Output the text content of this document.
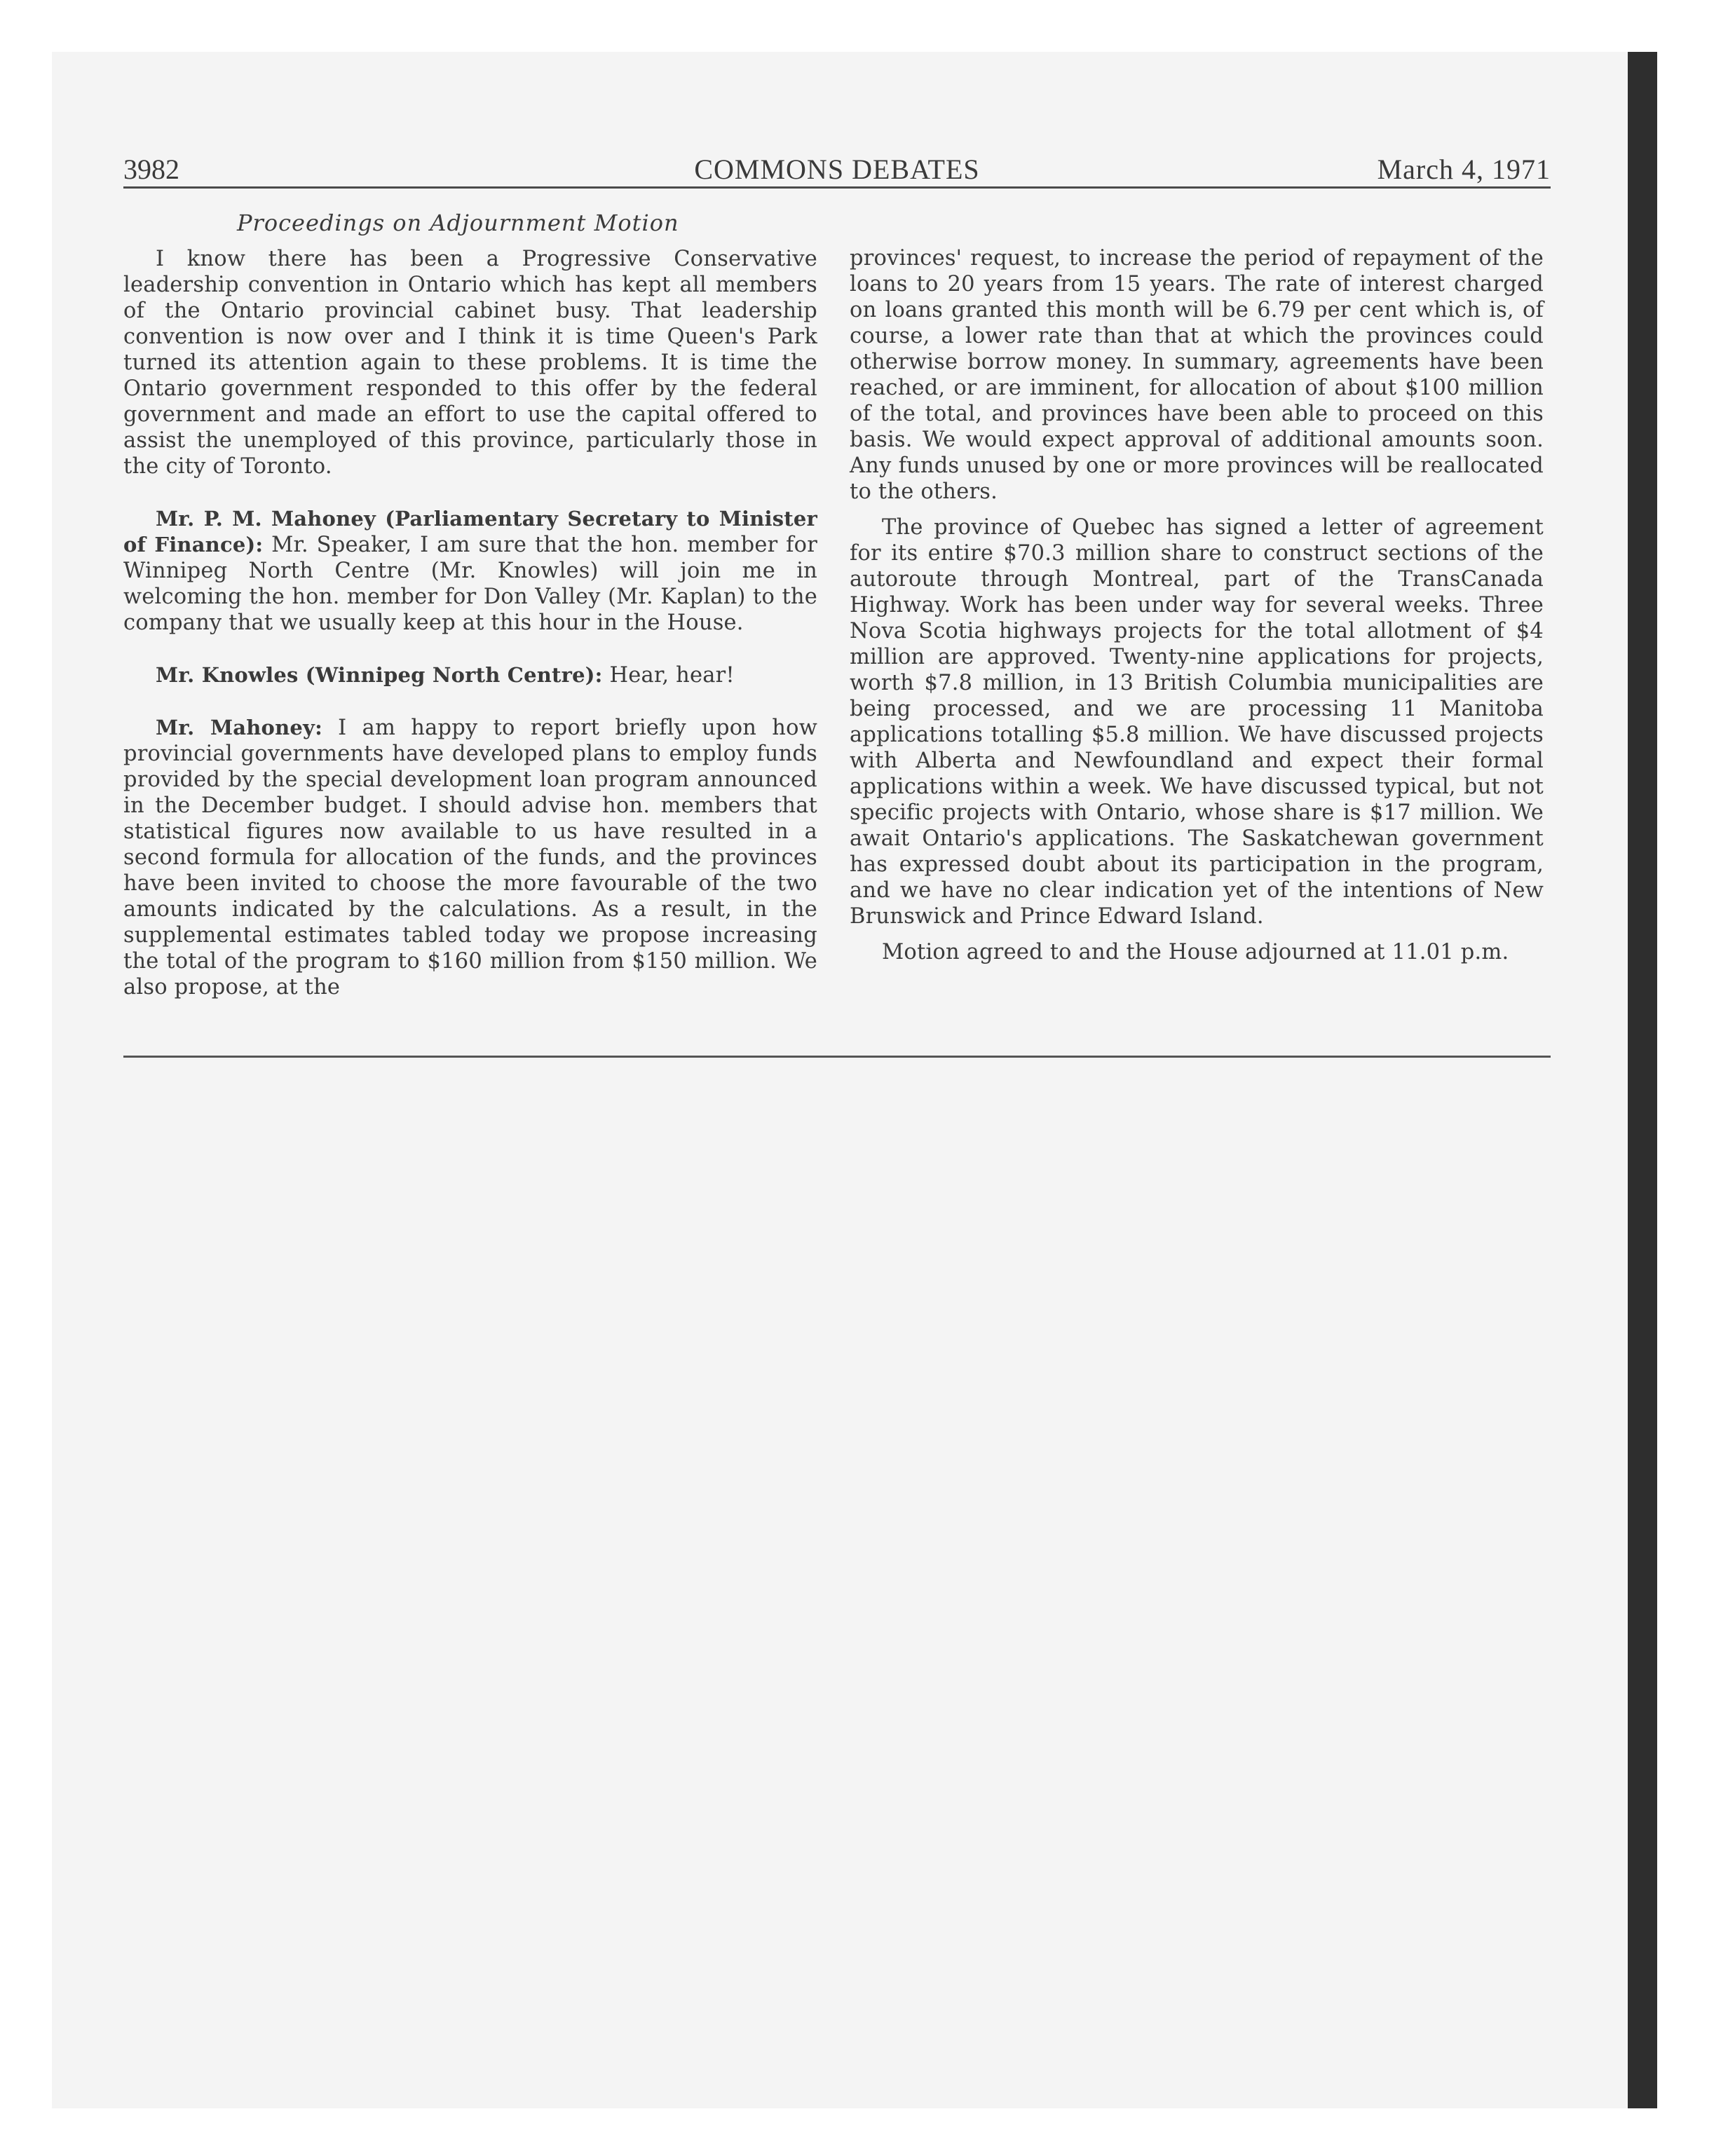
3982	COMMONS DEBATES	March 4, 1971
Proceedings on Adjournment Motion

I know there has been a Progressive Conservative leadership convention in Ontario which has kept all members of the Ontario provincial cabinet busy. That leadership convention is now over and I think it is time Queen's Park turned its attention again to these problems. It is time the Ontario government responded to this offer by the federal government and made an effort to use the capital offered to assist the unemployed of this province, particularly those in the city of Toronto.

Mr. P. M. Mahoney (Parliamentary Secretary to Minister of Finance): Mr. Speaker, I am sure that the hon. member for Winnipeg North Centre (Mr. Knowles) will join me in welcoming the hon. member for Don Valley (Mr. Kaplan) to the company that we usually keep at this hour in the House.

Mr. Knowles (Winnipeg North Centre): Hear, hear!

Mr. Mahoney: I am happy to report briefly upon how provincial governments have developed plans to employ funds provided by the special development loan program announced in the December budget. I should advise hon. members that statistical figures now available to us have resulted in a second formula for allocation of the funds, and the provinces have been invited to choose the more favourable of the two amounts indicated by the calculations. As a result, in the supplemental estimates tabled today we propose increasing the total of the program to $160 million from $150 million. We also propose, at the

provinces' request, to increase the period of repayment of the loans to 20 years from 15 years. The rate of interest charged on loans granted this month will be 6.79 per cent which is, of course, a lower rate than that at which the provinces could otherwise borrow money. In summary, agreements have been reached, or are imminent, for allocation of about $100 million of the total, and provinces have been able to proceed on this basis. We would expect approval of additional amounts soon. Any funds unused by one or more provinces will be reallocated to the others.

The province of Quebec has signed a letter of agreement for its entire $70.3 million share to construct sections of the autoroute through Montreal, part of the TransCanada Highway. Work has been under way for several weeks. Three Nova Scotia highways projects for the total allotment of $4 million are approved. Twenty-nine applications for projects, worth $7.8 million, in 13 British Columbia municipalities are being processed, and we are processing 11 Manitoba applications totalling $5.8 million. We have discussed projects with Alberta and Newfoundland and expect their formal applications within a week. We have discussed typical, but not specific projects with Ontario, whose share is $17 million. We await Ontario's applications. The Saskatchewan government has expressed doubt about its participation in the program, and we have no clear indication yet of the intentions of New Brunswick and Prince Edward Island.

Motion agreed to and the House adjourned at 11.01 p.m.
